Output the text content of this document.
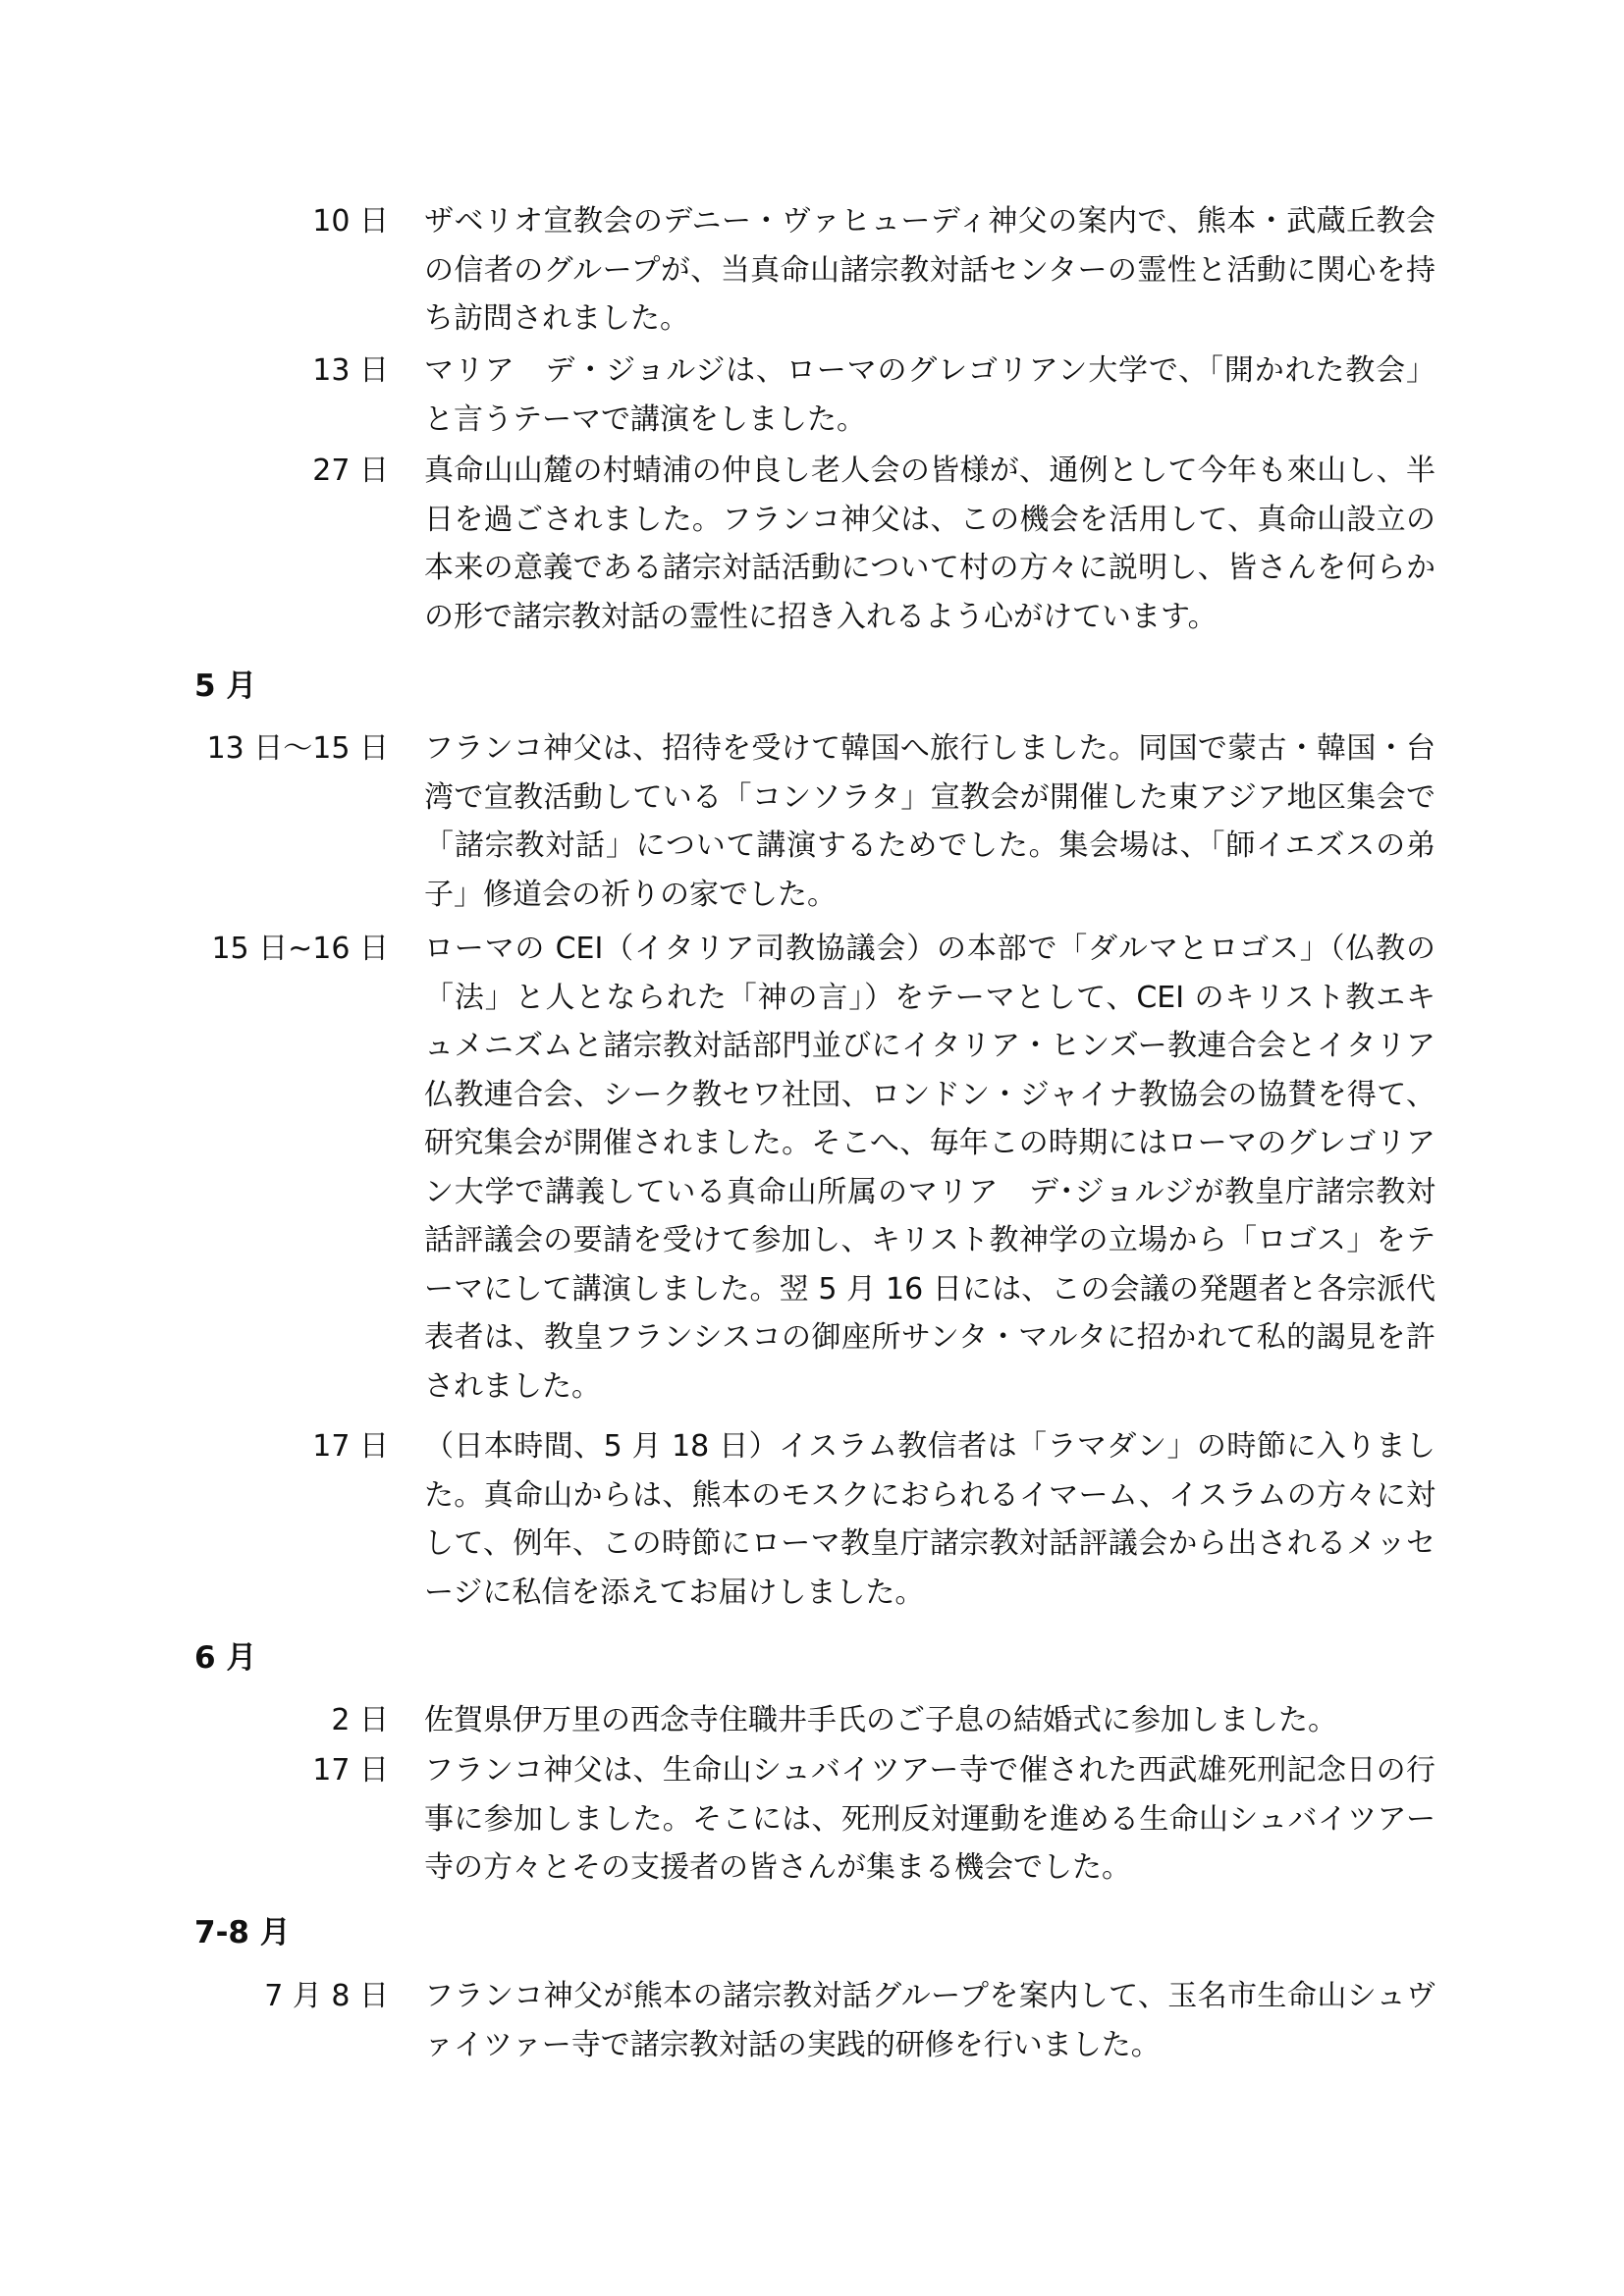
10 日 ザベリオ宣教会のデニー・ヴァヒューディ神父の案内で、熊本・武蔵丘教会の信者のグループが、当真命山諸宗教対話センターの霊性と活動に関心を持ち訪問されました。
13 日 マリア　デ・ジョルジは、ローマのグレゴリアン大学で、「開かれた教会」と言うテーマで講演をしました。
27 日 真命山山麓の村蜻浦の仲良し老人会の皆様が、通例として今年も來山し、半日を過ごされました。フランコ神父は、この機会を活用して、真命山設立の本来の意義である諸宗対話活動について村の方々に説明し、皆さんを何らかの形で諸宗教対話の霊性に招き入れるよう心がけています。
5 月
13 日～15 日 フランコ神父は、招待を受けて韓国へ旅行しました。同国で蒙古・韓国・台湾で宣教活動している「コンソラタ」宣教会が開催した東アジア地区集会で「諸宗教対話」について講演するためでした。集会場は、「師イエズスの弟子」修道会の祈りの家でした。
15 日~16 日 ローマの CEI（イタリア司教協議会）の本部で「ダルマとロゴス」（仏教の「法」と人となられた「神の言」）をテーマとして、CEI のキリスト教エキュメニズムと諸宗教対話部門並びにイタリア・ヒンズー教連合会とイタリア仏教連合会、シーク教セワ社団、ロンドン・ジャイナ教協会の協賛を得て、研究集会が開催されました。そこへ、毎年この時期にはローマのグレゴリアン大学で講義している真命山所属のマリア　デ･ジョルジが教皇庁諸宗教対話評議会の要請を受けて参加し、キリスト教神学の立場から「ロゴス」をテーマにして講演しました。翌 5 月 16 日には、この会議の発題者と各宗派代表者は、教皇フランシスコの御座所サンタ・マルタに招かれて私的謁見を許されました。
17 日 （日本時間、5 月 18 日）イスラム教信者は「ラマダン」の時節に入りました。真命山からは、熊本のモスクにおられるイマーム、イスラムの方々に対して、例年、この時節にローマ教皇庁諸宗教対話評議会から出されるメッセージに私信を添えてお届けしました。
6 月
2 日 佐賀県伊万里の西念寺住職井手氏のご子息の結婚式に参加しました。
17 日 フランコ神父は、生命山シュバイツアー寺で催された西武雄死刑記念日の行事に参加しました。そこには、死刑反対運動を進める生命山シュバイツアー寺の方々とその支援者の皆さんが集まる機会でした。
7-8 月
7 月 8 日 フランコ神父が熊本の諸宗教対話グループを案内して、玉名市生命山シュヴァイツァー寺で諸宗教対話の実践的研修を行いました。
